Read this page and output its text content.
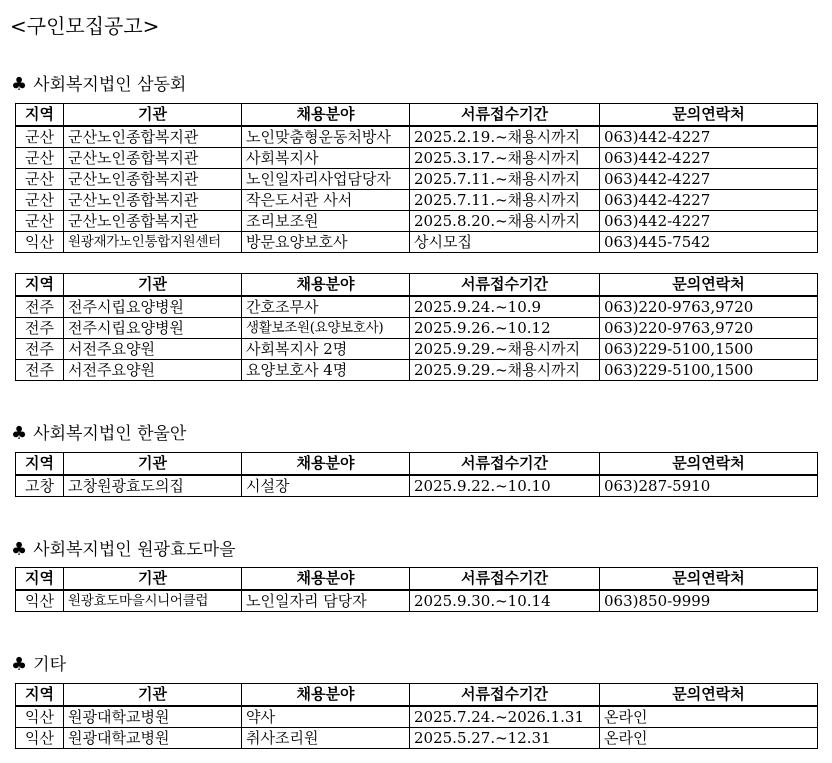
<구인모집공고>
♣ 사회복지법인 삼동회
지역	기관	채용분야	서류접수기간	문의연락처
군산	군산노인종합복지관	노인맞춤형운동처방사	2025.2.19.~채용시까지	063)442-4227
군산	군산노인종합복지관	사회복지사	2025.3.17.~채용시까지	063)442-4227
군산	군산노인종합복지관	노인일자리사업담당자	2025.7.11.~채용시까지	063)442-4227
군산	군산노인종합복지관	작은도서관 사서	2025.7.11.~채용시까지	063)442-4227
군산	군산노인종합복지관	조리보조원	2025.8.20.~채용시까지	063)442-4227
익산	원광재가노인통합지원센터	방문요양보호사	상시모집	063)445-7542
지역	기관	채용분야	서류접수기간	문의연락처
전주	전주시립요양병원	간호조무사	2025.9.24.~10.9	063)220-9763,9720
전주	전주시립요양병원	생활보조원(요양보호사)	2025.9.26.~10.12	063)220-9763,9720
전주	서전주요양원	사회복지사 2명	2025.9.29.~채용시까지	063)229-5100,1500
전주	서전주요양원	요양보호사 4명	2025.9.29.~채용시까지	063)229-5100,1500
♣ 사회복지법인 한울안
지역	기관	채용분야	서류접수기간	문의연락처
고창	고창원광효도의집	시설장	2025.9.22.~10.10	063)287-5910
♣ 사회복지법인 원광효도마을
지역	기관	채용분야	서류접수기간	문의연락처
익산	원광효도마을시니어클럽	노인일자리 담당자	2025.9.30.~10.14	063)850-9999
♣ 기타
지역	기관	채용분야	서류접수기간	문의연락처
익산	원광대학교병원	약사	2025.7.24.~2026.1.31	온라인
익산	원광대학교병원	취사조리원	2025.5.27.~12.31	온라인
